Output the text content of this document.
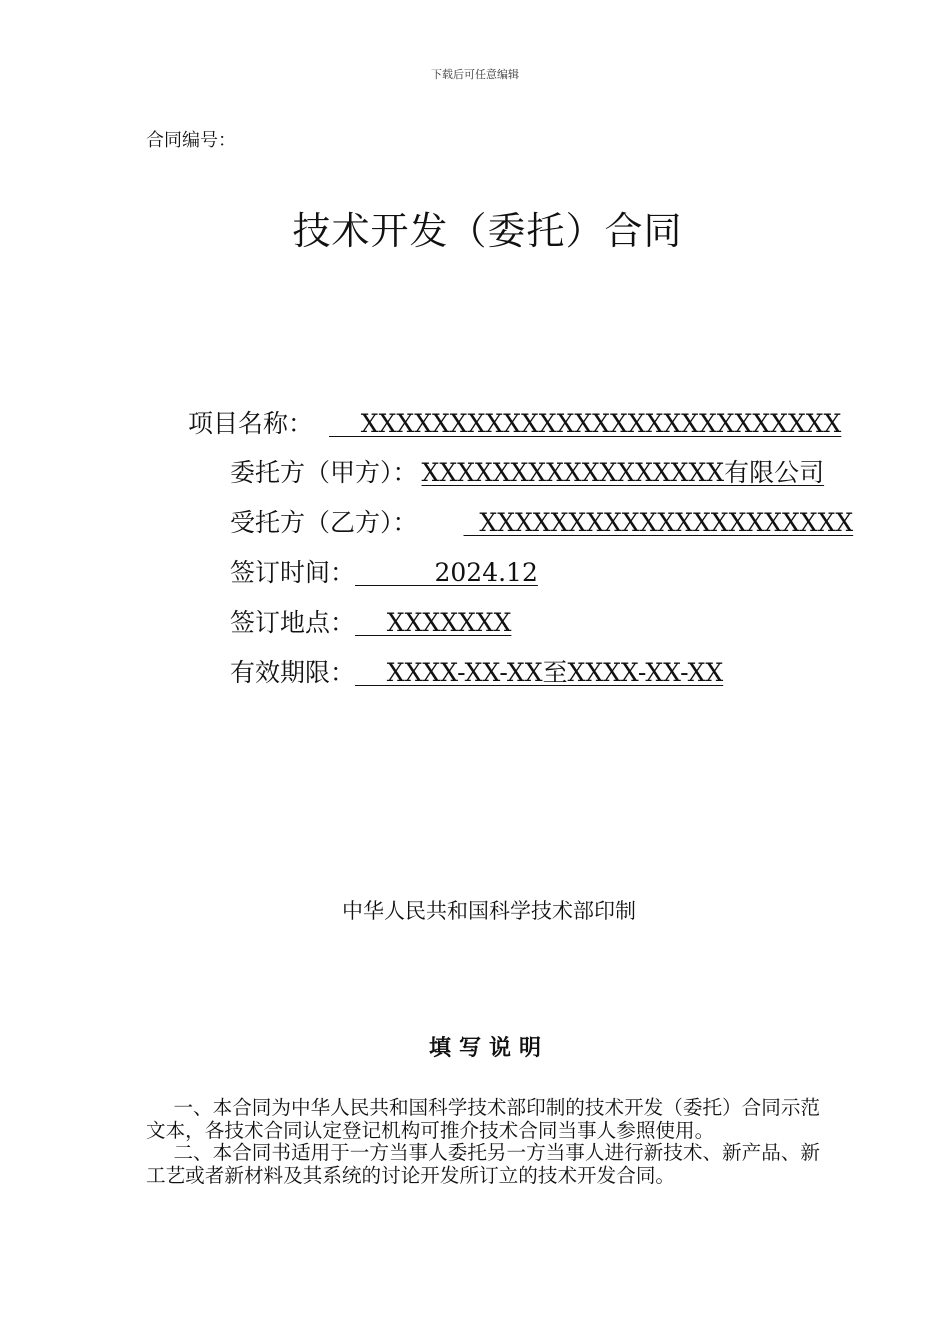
下载后可任意编辑
合同编号：
技术开发（委托）合同
项目名称： XXXXXXXXXXXXXXXXXXXXXXXXXXX
委托方（甲方）： XXXXXXXXXXXXXXXXX有限公司
受托方（乙方）： XXXXXXXXXXXXXXXXXXXXX
签订时间： 2024.12
签订地点： XXXXXXX
有效期限： XXXX-XX-XX至XXXX-XX-XX
中华人民共和国科学技术部印制
填写说明

一、本合同为中华人民共和国科学技术部印制的技术开发（委托）合同示范文本，各技术合同认定登记机构可推介技术合同当事人参照使用。

二、本合同书适用于一方当事人委托另一方当事人进行新技术、新产品、新工艺或者新材料及其系统的讨论开发所订立的技术开发合同。
